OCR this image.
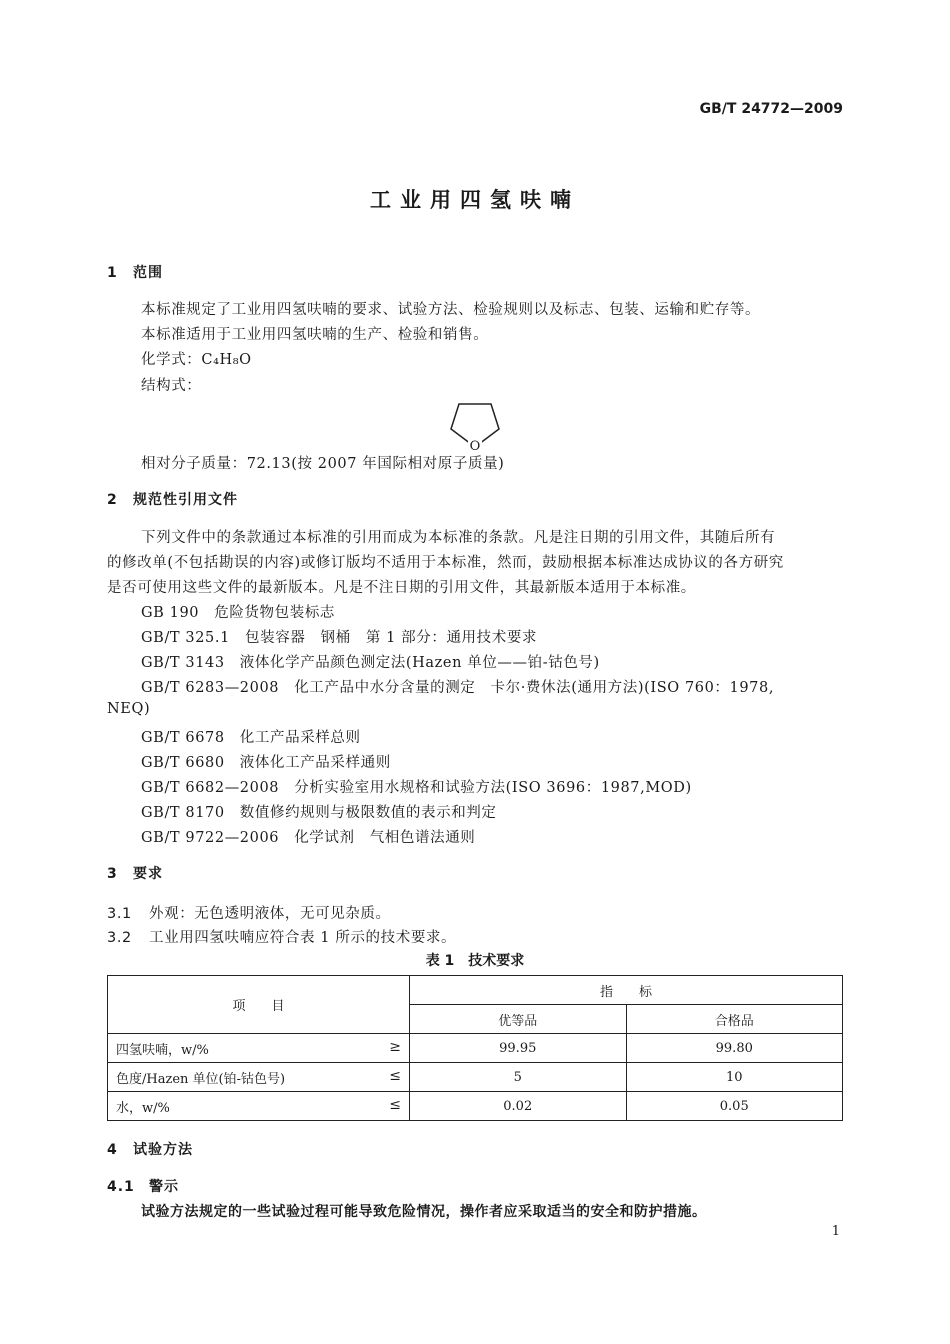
GB/T 24772—2009
工业用四氢呋喃
1 范围
本标准规定了工业用四氢呋喃的要求、试验方法、检验规则以及标志、包装、运输和贮存等。
本标准适用于工业用四氢呋喃的生产、检验和销售。
化学式：C₄H₈O
结构式：
O
相对分子质量：72.13(按 2007 年国际相对原子质量)
2 规范性引用文件
下列文件中的条款通过本标准的引用而成为本标准的条款。凡是注日期的引用文件，其随后所有
的修改单(不包括勘误的内容)或修订版均不适用于本标准，然而，鼓励根据本标准达成协议的各方研究
是否可使用这些文件的最新版本。凡是不注日期的引用文件，其最新版本适用于本标准。
GB 190　危险货物包装标志
GB/T 325.1　包装容器　钢桶　第 1 部分：通用技术要求
GB/T 3143　液体化学产品颜色测定法(Hazen 单位——铂-钴色号)
GB/T 6283—2008　化工产品中水分含量的测定　卡尔·费休法(通用方法)(ISO 760：1978,
NEQ)
GB/T 6678　化工产品采样总则
GB/T 6680　液体化工产品采样通则
GB/T 6682—2008　分析实验室用水规格和试验方法(ISO 3696：1987,MOD)
GB/T 8170　数值修约规则与极限数值的表示和判定
GB/T 9722—2006　化学试剂　气相色谱法通则
3 要求
3.1 外观：无色透明液体，无可见杂质。
3.2 工业用四氢呋喃应符合表 1 所示的技术要求。
表 1　技术要求
项　　目	指　　标	
	优等品	合格品
四氢呋喃，w/% ≥	99.95	99.80
色度/Hazen 单位(铂-钴色号) ≤	5	10
水，w/% ≤	0.02	0.05
4 试验方法
4.1 警示
试验方法规定的一些试验过程可能导致危险情况，操作者应采取适当的安全和防护措施。
1
